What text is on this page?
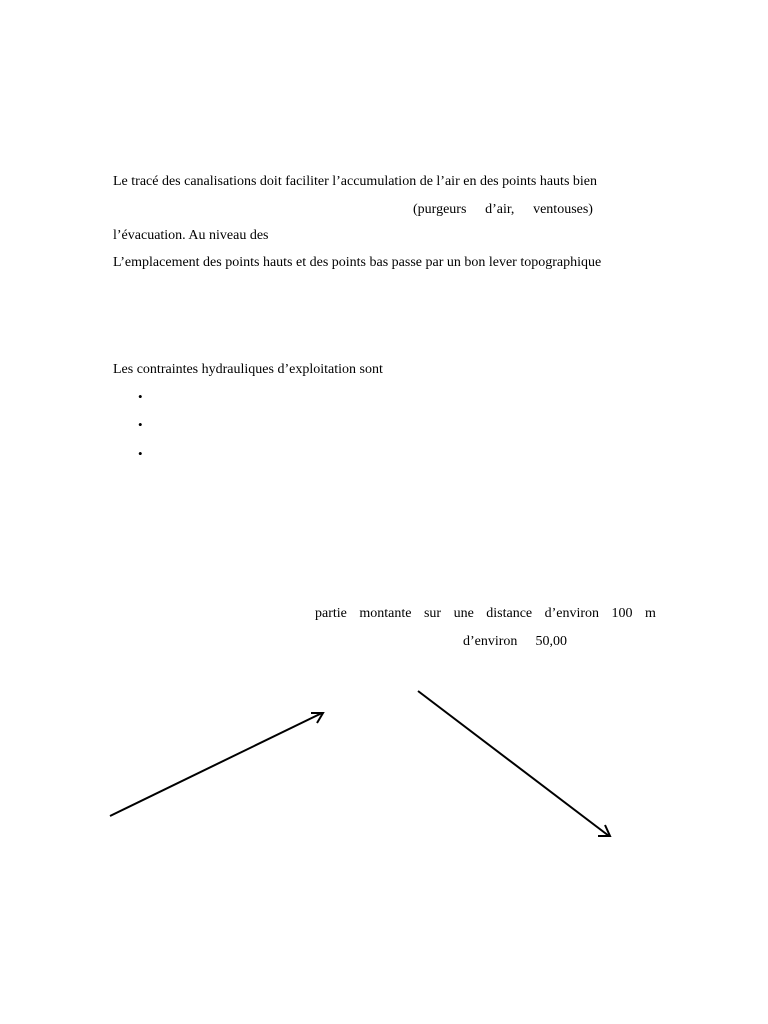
Le tracé des canalisations doit faciliter l’accumulation de l’air en des points hauts bien
(purgeurs d’air, ventouses)
l’évacuation. Au niveau des
L’emplacement des points hauts et des points bas passe par un bon lever topographique
Les contraintes hydrauliques d’exploitation sont
•
•
•
partie montante sur une distance d’environ 100 m
d’environ 50,00
